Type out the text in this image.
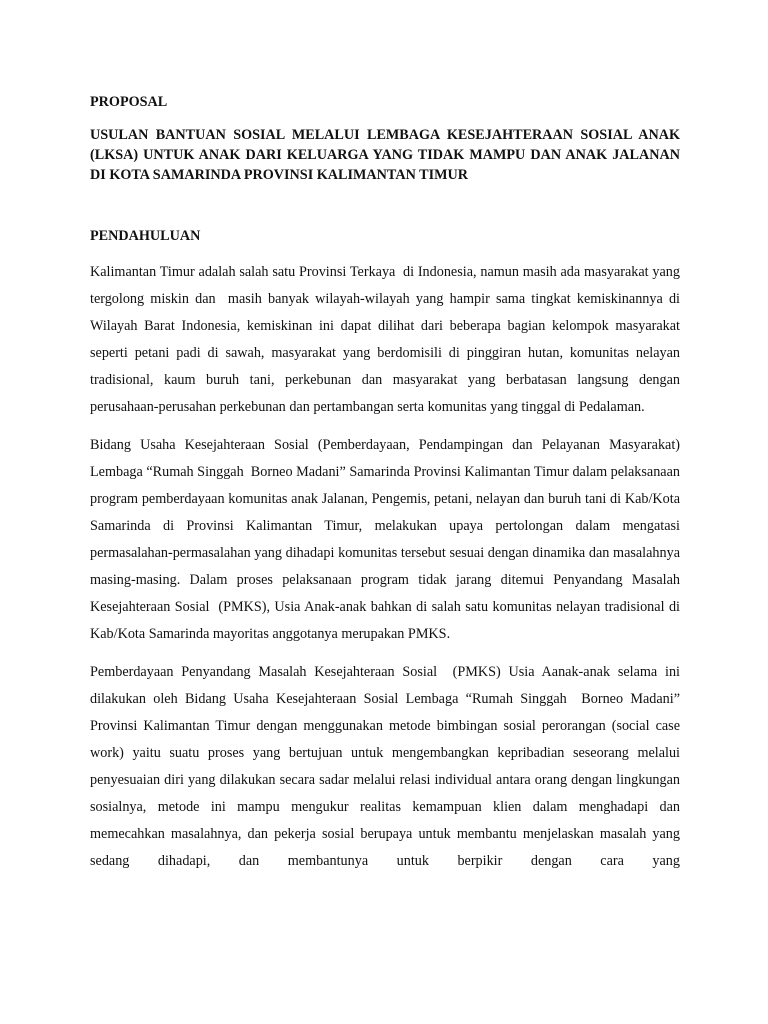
PROPOSAL

USULAN BANTUAN SOSIAL MELALUI LEMBAGA KESEJAHTERAAN SOSIAL ANAK (LKSA) UNTUK ANAK DARI KELUARGA YANG TIDAK MAMPU DAN ANAK JALANAN DI KOTA SAMARINDA PROVINSI KALIMANTAN TIMUR

PENDAHULUAN

Kalimantan Timur adalah salah satu Provinsi Terkaya  di Indonesia, namun masih ada masyarakat yang tergolong miskin dan  masih banyak wilayah-wilayah yang hampir sama tingkat kemiskinannya di Wilayah Barat Indonesia, kemiskinan ini dapat dilihat dari beberapa bagian kelompok masyarakat seperti petani padi di sawah, masyarakat yang berdomisili di pinggiran hutan, komunitas nelayan tradisional, kaum buruh tani, perkebunan dan masyarakat yang berbatasan langsung dengan perusahaan-perusahan perkebunan dan pertambangan serta komunitas yang tinggal di Pedalaman.

Bidang Usaha Kesejahteraan Sosial (Pemberdayaan, Pendampingan dan Pelayanan Masyarakat) Lembaga “Rumah Singgah  Borneo Madani” Samarinda Provinsi Kalimantan Timur dalam pelaksanaan program pemberdayaan komunitas anak Jalanan, Pengemis, petani, nelayan dan buruh tani di Kab/Kota Samarinda di Provinsi Kalimantan Timur, melakukan upaya pertolongan dalam mengatasi permasalahan-permasalahan yang dihadapi komunitas tersebut sesuai dengan dinamika dan masalahnya masing-masing. Dalam proses pelaksanaan program tidak jarang ditemui Penyandang Masalah Kesejahteraan Sosial  (PMKS), Usia Anak-anak bahkan di salah satu komunitas nelayan tradisional di Kab/Kota Samarinda mayoritas anggotanya merupakan PMKS.

Pemberdayaan Penyandang Masalah Kesejahteraan Sosial  (PMKS) Usia Aanak-anak selama ini dilakukan oleh Bidang Usaha Kesejahteraan Sosial Lembaga “Rumah Singgah  Borneo Madani” Provinsi Kalimantan Timur dengan menggunakan metode bimbingan sosial perorangan (social case work) yaitu suatu proses yang bertujuan untuk mengembangkan kepribadian seseorang melalui penyesuaian diri yang dilakukan secara sadar melalui relasi individual antara orang dengan lingkungan sosialnya, metode ini mampu mengukur realitas kemampuan klien dalam menghadapi dan memecahkan masalahnya, dan pekerja sosial berupaya untuk membantu menjelaskan masalah yang sedang dihadapi, dan membantunya untuk berpikir dengan cara yang
